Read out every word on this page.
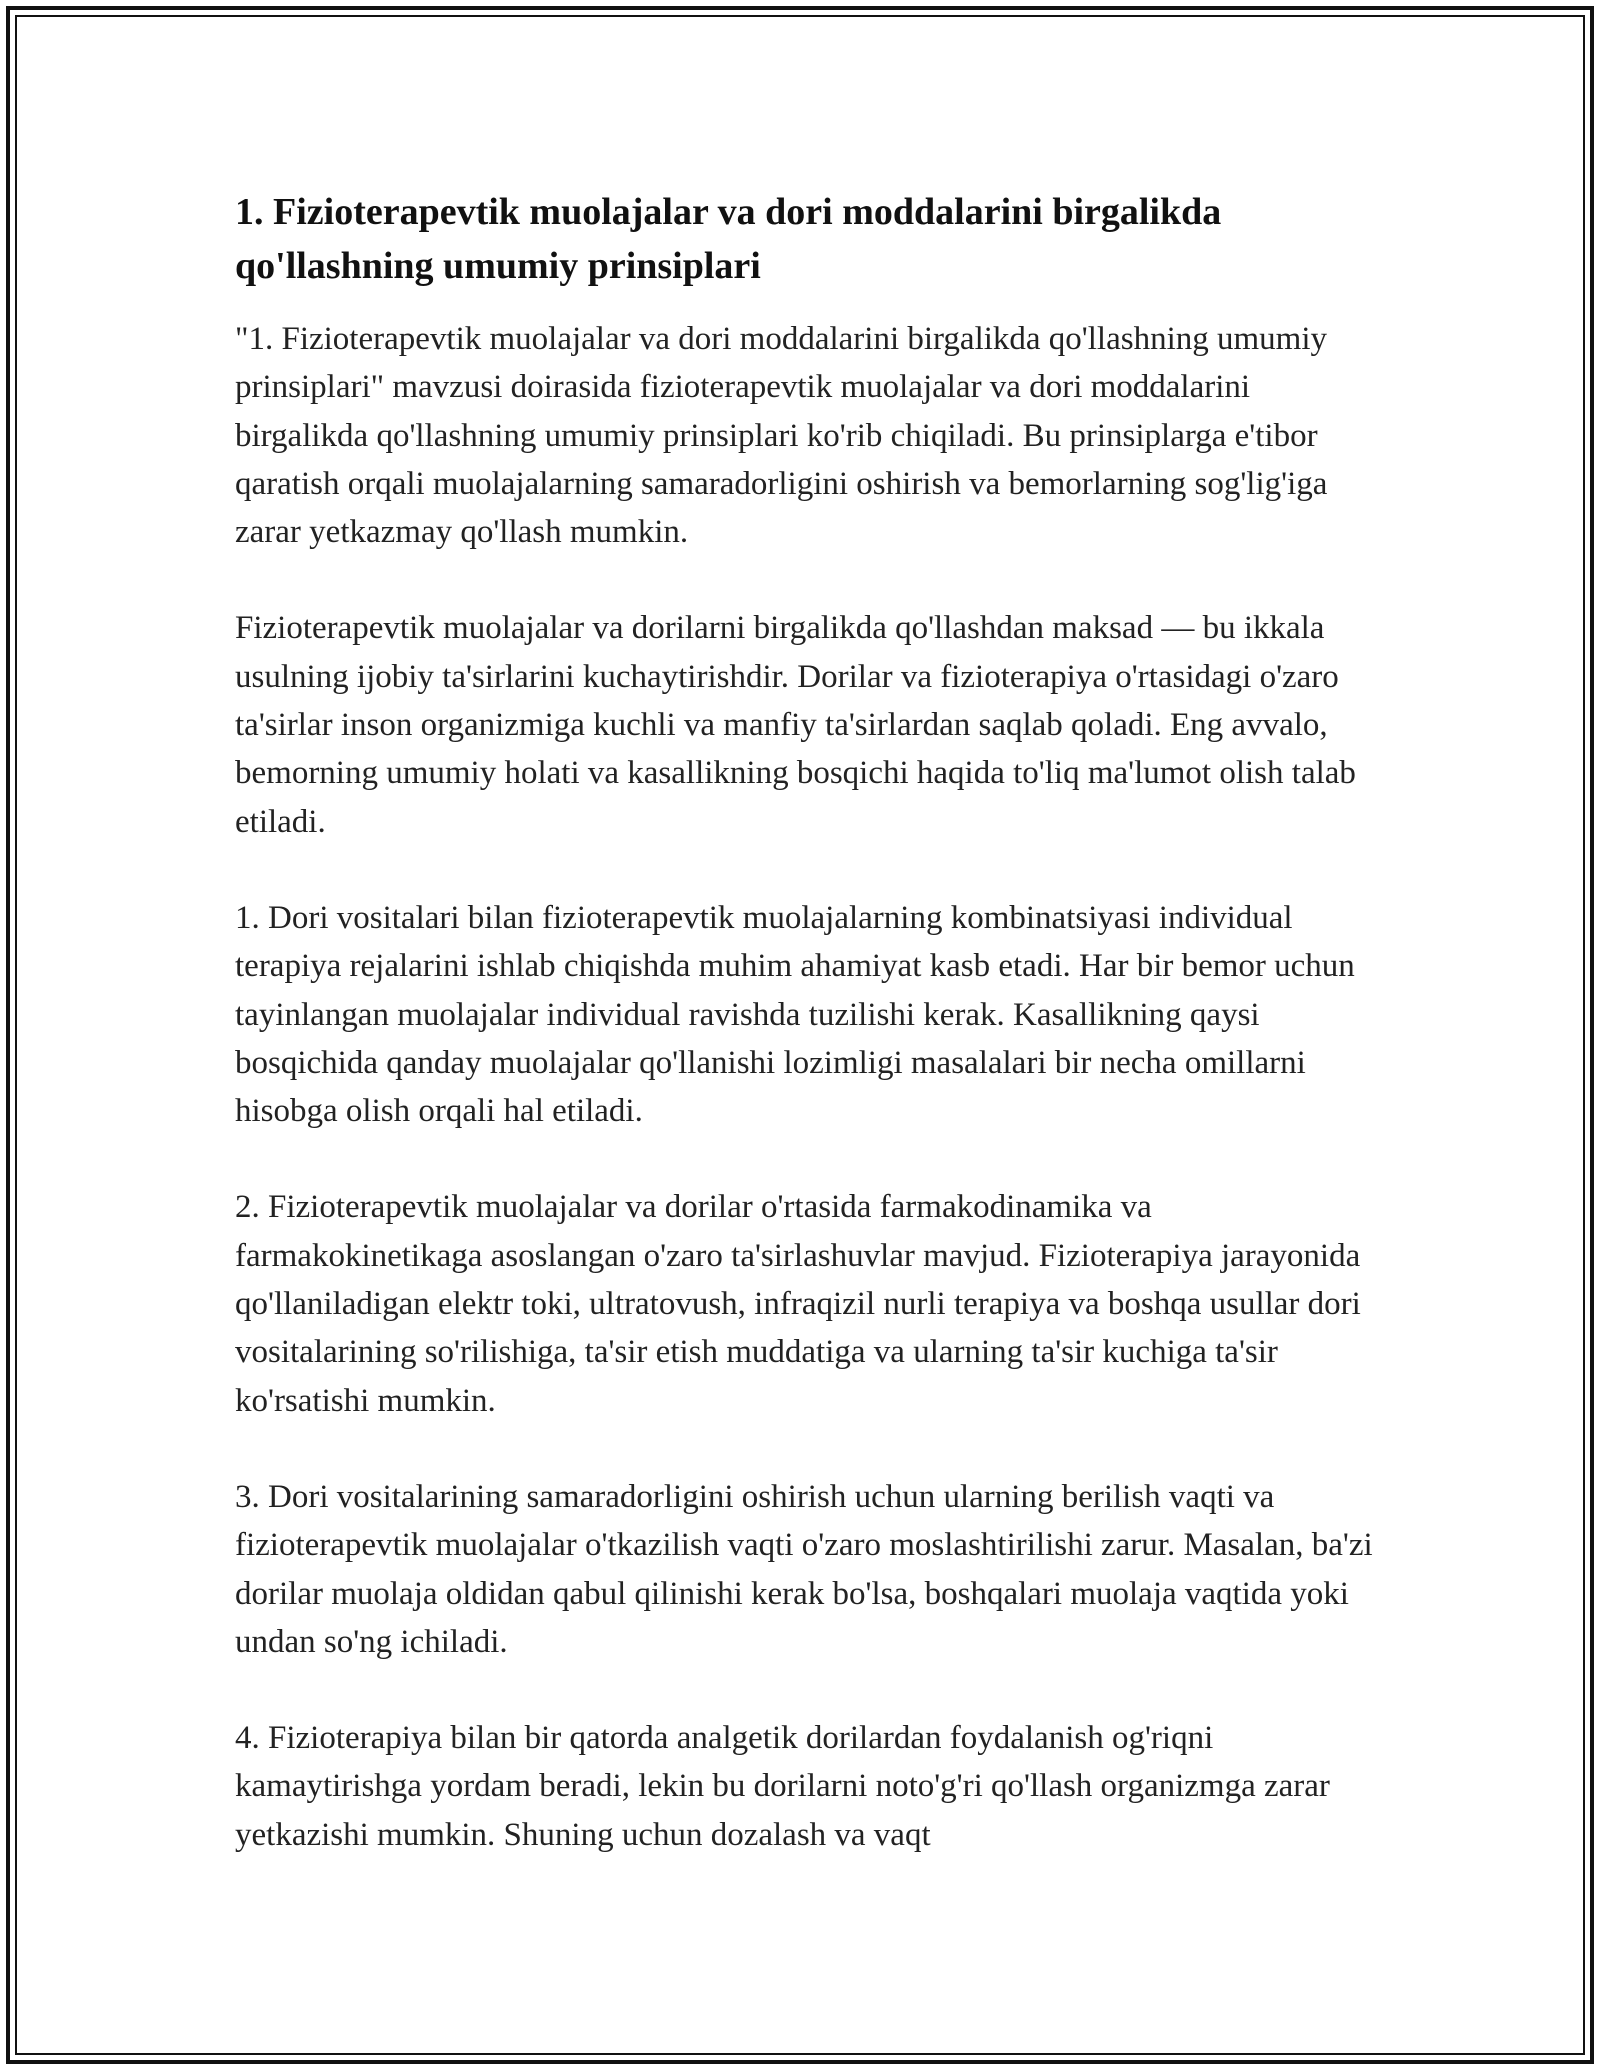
1. Fizioterapevtik muolajalar va dori moddalarini birgalikda qo'llashning umumiy prinsiplari

"1. Fizioterapevtik muolajalar va dori moddalarini birgalikda qo'llashning umumiy prinsiplari" mavzusi doirasida fizioterapevtik muolajalar va dori moddalarini birgalikda qo'llashning umumiy prinsiplari ko'rib chiqiladi. Bu prinsiplarga e'tibor qaratish orqali muolajalarning samaradorligini oshirish va bemorlarning sog'lig'iga zarar yetkazmay qo'llash mumkin.

Fizioterapevtik muolajalar va dorilarni birgalikda qo'llashdan maksad — bu ikkala usulning ijobiy ta'sirlarini kuchaytirishdir. Dorilar va fizioterapiya o'rtasidagi o'zaro ta'sirlar inson organizmiga kuchli va manfiy ta'sirlardan saqlab qoladi. Eng avvalo, bemorning umumiy holati va kasallikning bosqichi haqida to'liq ma'lumot olish talab etiladi.

1. Dori vositalari bilan fizioterapevtik muolajalarning kombinatsiyasi individual terapiya rejalarini ishlab chiqishda muhim ahamiyat kasb etadi. Har bir bemor uchun tayinlangan muolajalar individual ravishda tuzilishi kerak. Kasallikning qaysi bosqichida qanday muolajalar qo'llanishi lozimligi masalalari bir necha omillarni hisobga olish orqali hal etiladi.

2. Fizioterapevtik muolajalar va dorilar o'rtasida farmakodinamika va farmakokinetikaga asoslangan o'zaro ta'sirlashuvlar mavjud. Fizioterapiya jarayonida qo'llaniladigan elektr toki, ultratovush, infraqizil nurli terapiya va boshqa usullar dori vositalarining so'rilishiga, ta'sir etish muddatiga va ularning ta'sir kuchiga ta'sir ko'rsatishi mumkin.

3. Dori vositalarining samaradorligini oshirish uchun ularning berilish vaqti va fizioterapevtik muolajalar o'tkazilish vaqti o'zaro moslashtirilishi zarur. Masalan, ba'zi dorilar muolaja oldidan qabul qilinishi kerak bo'lsa, boshqalari muolaja vaqtida yoki undan so'ng ichiladi.

4. Fizioterapiya bilan bir qatorda analgetik dorilardan foydalanish og'riqni kamaytirishga yordam beradi, lekin bu dorilarni noto'g'ri qo'llash organizmga zarar yetkazishi mumkin. Shuning uchun dozalash va vaqt
